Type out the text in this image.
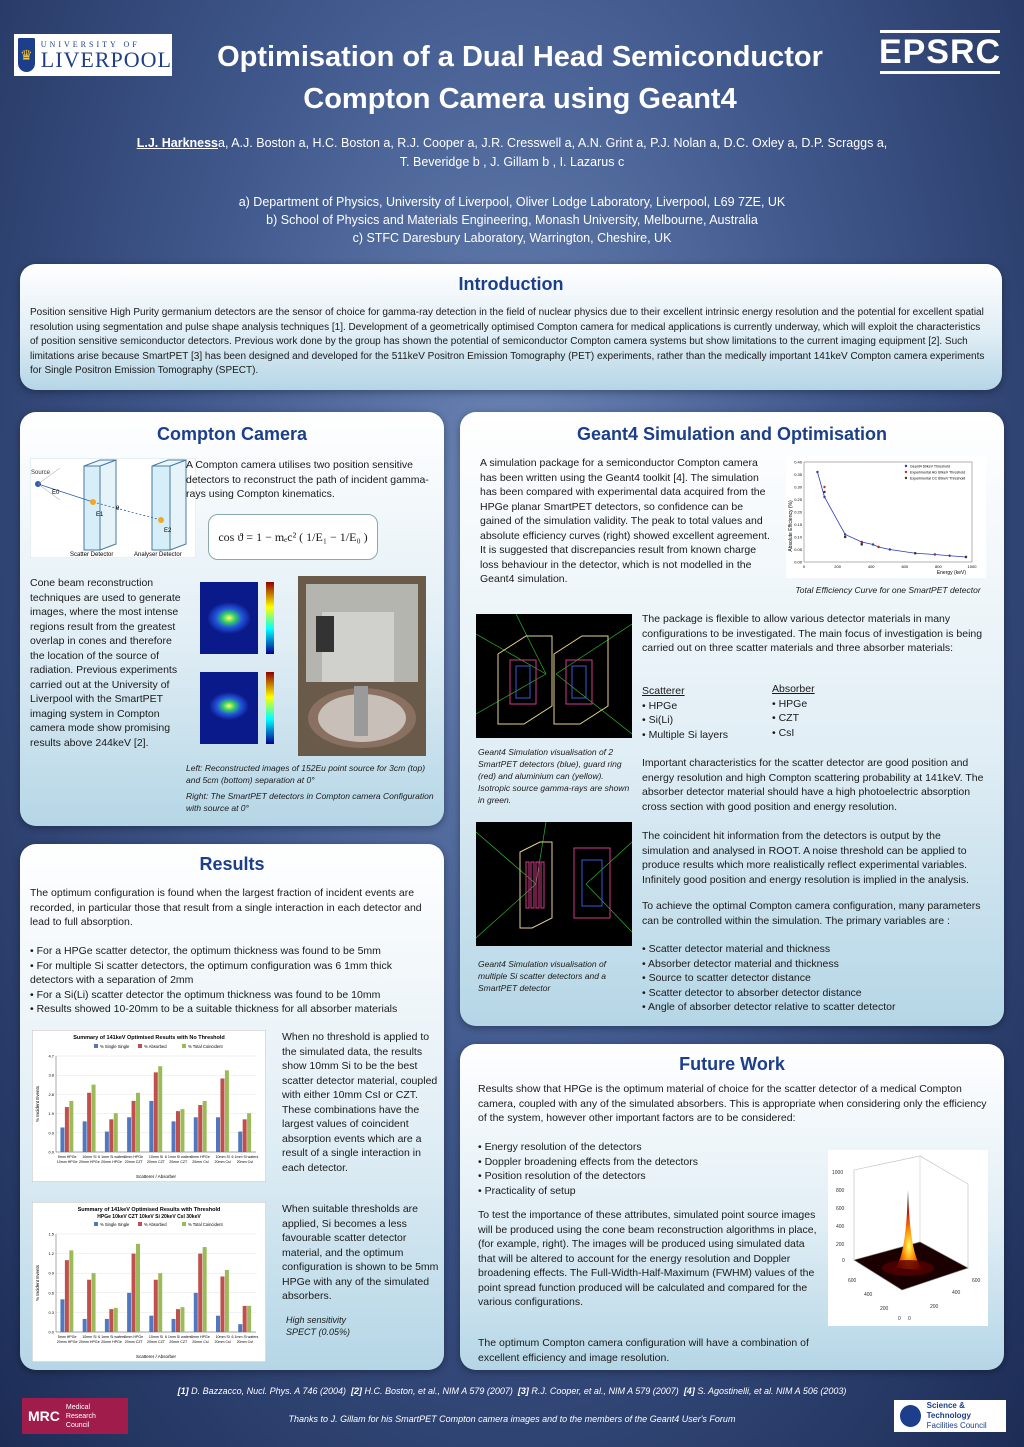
♛
UNIVERSITY OF
LIVERPOOL	EPSRC
Optimisation of a Dual Head Semiconductor
Compton Camera using Geant4
L.J. Harknessa, A.J. Boston a, H.C. Boston a, R.J. Cooper a, J.R. Cresswell a, A.N. Grint a, P.J. Nolan a, D.C. Oxley a, D.P. Scraggs a,
T. Beveridge b , J. Gillam b , I. Lazarus c
a) Department of Physics, University of Liverpool, Oliver Lodge Laboratory, Liverpool, L69 7ZE, UK
b) School of Physics and Materials Engineering, Monash University, Melbourne, Australia
c) STFC Daresbury Laboratory, Warrington, Cheshire, UK
Introduction
Position sensitive High Purity germanium detectors are the sensor of choice for gamma-ray detection in the field of nuclear physics due to their excellent intrinsic energy resolution and the potential for excellent spatial resolution using segmentation and pulse shape analysis techniques [1]. Development of a geometrically optimised Compton camera for medical applications is currently underway, which will exploit the characteristics of position sensitive semiconductor detectors. Previous work done by the group has shown the potential of semiconductor Compton camera systems but show limitations to the current imaging equipment [2]. Such limitations arise because SmartPET [3] has been designed and developed for the 511keV Positron Emission Tomography (PET) experiments, rather than the medically important 141keV Compton camera experiments for Single Positron Emission Tomography (SPECT).
Compton Camera
Source
E0
E1
E2
θ
Scatter Detector	Analyser Detector
A Compton camera utilises two position sensitive detectors to reconstruct the path of incident gamma-rays using Compton kinematics.
cos ϑ = 1 − mₑc² ( 1/E₁ − 1/E₀ )
Cone beam reconstruction techniques are used to generate images, where the most intense regions result from the greatest overlap in cones and therefore the location of the source of radiation. Previous experiments carried out at the University of Liverpool with the SmartPET imaging system in Compton camera mode show promising results above 244keV [2].
Left: Reconstructed images of 152Eu point source for 3cm (top) and 5cm (bottom) separation at 0°
Right: The SmartPET detectors in Compton camera Configuration with source at 0°
Geant4 Simulation and Optimisation
A simulation package for a semiconductor Compton camera has been written using the Geant4 toolkit [4]. The simulation has been compared with experimental data acquired from the HPGe planar SmartPET detectors, so confidence can be gained of the simulation validity. The peak to total values and absolute efficiency curves (right) showed excellent agreement. It is suggested that discrepancies result from known charge loss behaviour in the detector, which is not modelled in the Geant4 simulation.
Absolute Efficiency (%)
Energy (keV)
0.00
0.05
0.10
0.15
0.20
0.25
0.30
0.35
0.40
0	200	400	600	800	1000
Geant4 60keV Threshold
Experimental AG 60keV Threshold
Experimental CC 60keV Threshold
Total Efficiency Curve for one SmartPET detector
Geant4 Simulation visualisation of 2 SmartPET detectors (blue), guard ring (red) and aluminium can (yellow). Isotropic source gamma-rays are shown in green.
The package is flexible to allow various detector materials in many configurations to be investigated. The main focus of investigation is being carried out on three scatter materials and three absorber materials:
Scatterer
• HPGe
• Si(Li)
• Multiple Si layers
Absorber
• HPGe
• CZT
• CsI
Important characteristics for the scatter detector are good position and energy resolution and high Compton scattering probability at 141keV. The absorber detector material should have a high photoelectric absorption cross section with good position and energy resolution.
Geant4 Simulation visualisation of multiple Si scatter detectors and a SmartPET detector
The coincident hit information from the detectors is output by the simulation and analysed in ROOT. A noise threshold can be applied to produce results which more realistically reflect experimental variables. Infinitely good position and energy resolution is implied in the analysis.
To achieve the optimal Compton camera configuration, many parameters can be controlled within the simulation. The primary variables are :
• Scatter detector material and thickness
• Absorber detector material and thickness
• Source to scatter detector distance
• Scatter detector to absorber detector distance
• Angle of absorber detector relative to scatter detector
Results
The optimum configuration is found when the largest fraction of incident events are recorded, in particular those that result from a single interaction in each detector and lead to full absorption.
• For a HPGe scatter detector, the optimum thickness was found to be 5mm
• For multiple Si scatter detectors, the optimum configuration was 6 1mm thick detectors with a separation of 2mm
• For a Si(Li) scatter detector the optimum thickness was found to be 10mm
• Results showed 10-20mm to be a suitable thickness for all absorber materials
Summary of 141keV Optimised Results with No Threshold
% Single Single	% Absorbed	% Total Coincident
0.0
0.9
1.9
2.8
3.8
4.7
5mm HPGe
10mm HPGe
10mm Si
20mm HPGe
6 1mm Si wafers
20mm HPGe
5mm HPGe
20mm CZT
10mm Si
20mm CZT
6 1mm Si wafers
20mm CZT
5mm HPGe
20mm CsI
10mm Si
20mm CsI
6 1mm Si wafers
20mm CsI
Scatterer / Absorber
% Incident Events
When no threshold is applied to the simulated data, the results show 10mm Si to be the best scatter detector material, coupled with either 10mm CsI or CZT. These combinations have the largest values of coincident absorption events which are a result of a single interaction in each detector.
Summary of 141keV Optimised Results with Threshold
HPGe 10keV CZT 10keV Si 20keV CsI 30keV
% Single Single	% Absorbed	% Total Coincident
0.0
0.3
0.6
0.9
1.2
1.5
5mm HPGe
20mm HPGe
10mm Si
20mm HPGe
6 1mm Si wafers
20mm HPGe
5mm HPGe
20mm CZT
10mm Si
20mm CZT
6 1mm Si wafers
20mm CZT
5mm HPGe
20mm CsI
10mm Si
20mm CsI
6 1mm Si wafers
20mm CsI
Scatterer / Absorber
% Incident Events
When suitable thresholds are applied, Si becomes a less favourable scatter detector material, and the optimum configuration is shown to be 5mm HPGe with any of the simulated absorbers.
High sensitivity SPECT (0.05%)
Future Work
Results show that HPGe is the optimum material of choice for the scatter detector of a medical Compton camera, coupled with any of the simulated absorbers. This is appropriate when considering only the efficiency of the system, however other important factors are to be considered:
• Energy resolution of the detectors
• Doppler broadening effects from the detectors
• Position resolution of the detectors
• Practicality of setup
To test the importance of these attributes, simulated point source images will be produced using the cone beam reconstruction algorithms in place, (for example, right). The images will be produced using simulated data that will be altered to account for the energy resolution and Doppler broadening effects. The Full-Width-Half-Maximum (FWHM) values of the point spread function produced will be calculated and compared for the various configurations.
The optimum Compton camera configuration will have a combination of excellent efficiency and image resolution.
1000
800
600
400
200
0
600
400
200
0 0
200
400
600
MRC
Medical
Research
Council
[1] D. Bazzacco, Nucl. Phys. A 746 (2004)  [2] H.C. Boston, et al., NIM A 579 (2007)  [3] R.J. Cooper, et al., NIM A 579 (2007)  [4] S. Agostinelli, et al. NIM A 506 (2003)
Thanks to J. Gillam for his SmartPET Compton camera images and to the members of the Geant4 User's Forum
Science & Technology
Facilities Council
